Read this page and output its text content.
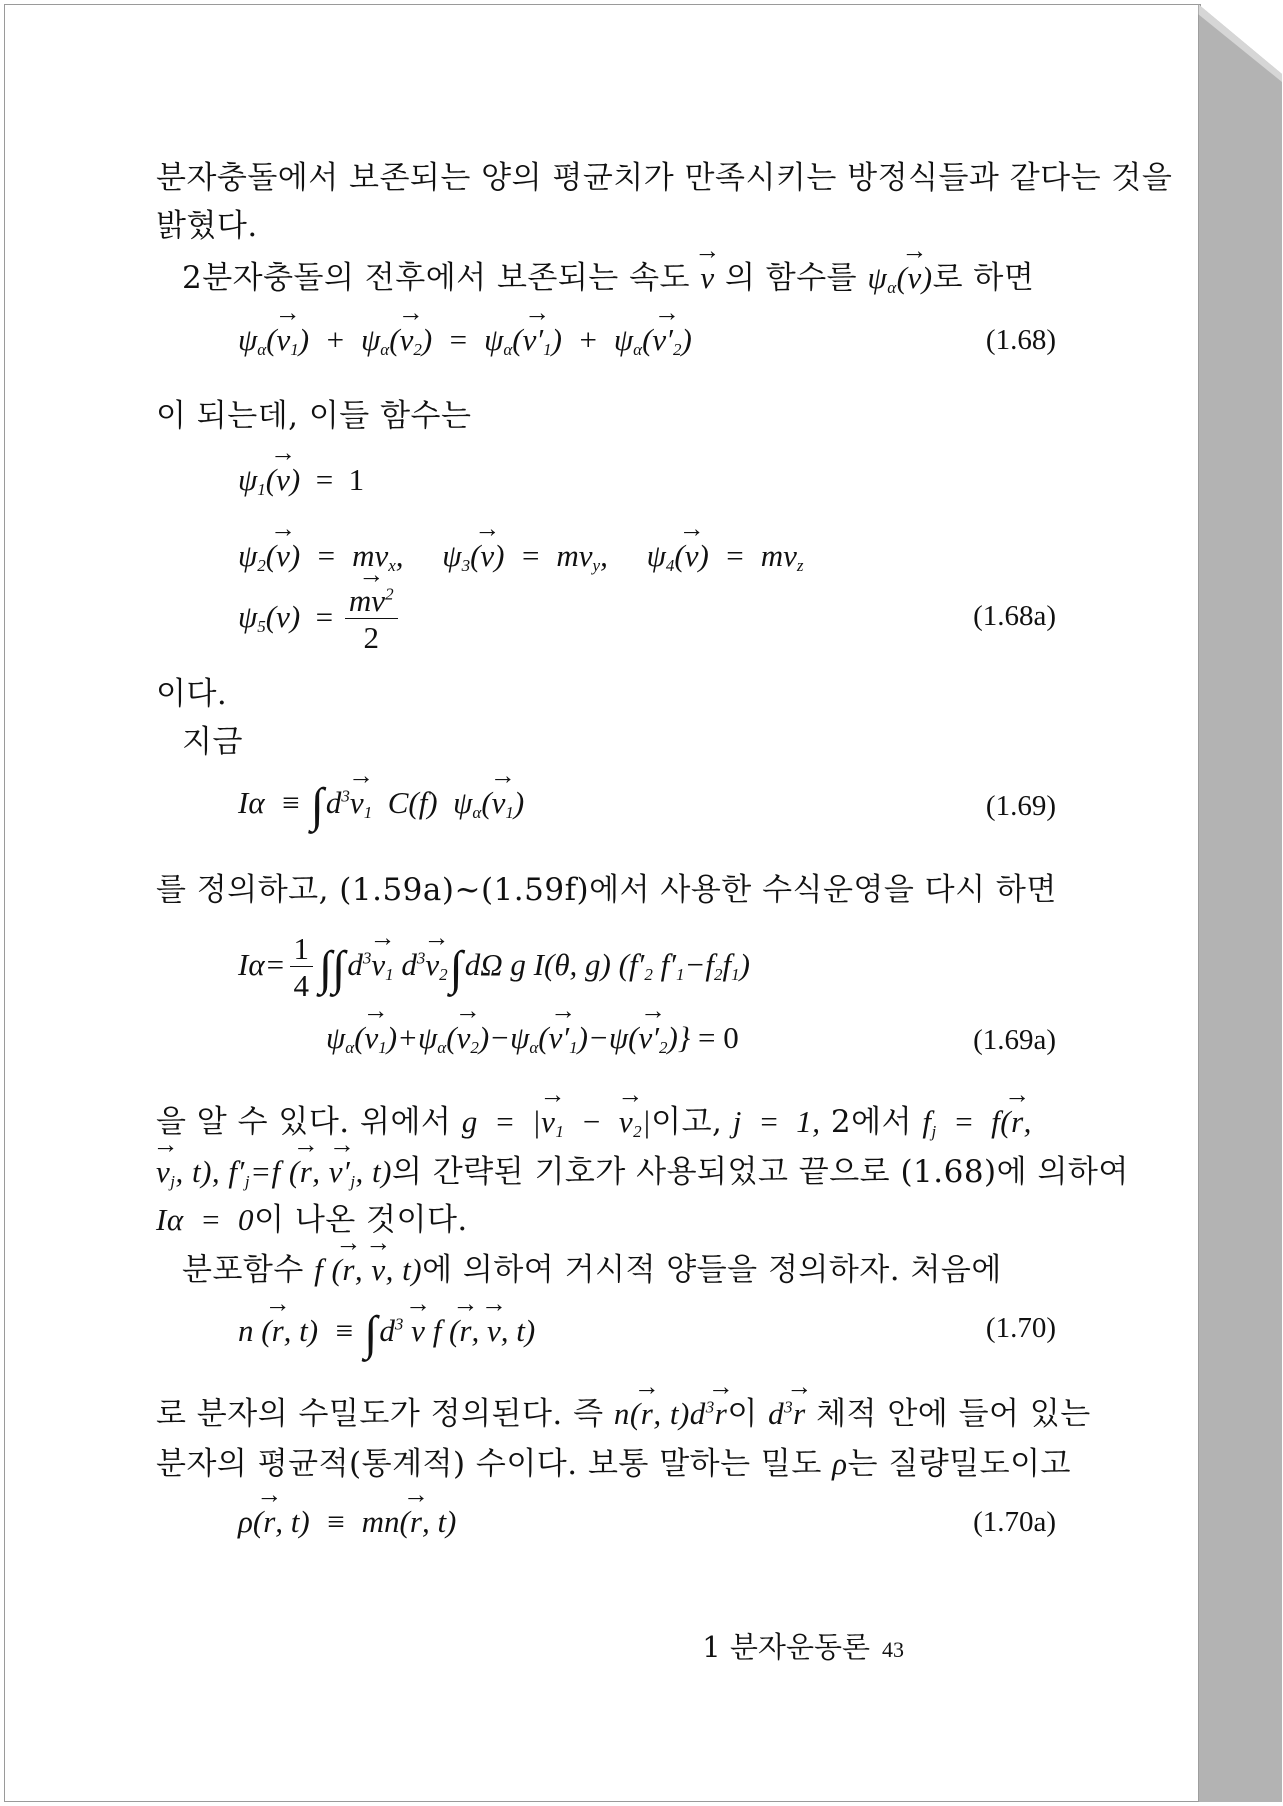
분자충돌에서 보존되는 양의 평균치가 만족시키는 방정식들과 같다는 것을
밝혔다.
2분자충돌의 전후에서 보존되는 속도 → v 의 함수를 $\psi_\alpha(\to v)$로 하면
$\psi_\alpha(\to v_1) + \psi_\alpha(\to v_2) = \psi_\alpha(\to v'_1) + \psi_\alpha(\to v'_2)$	(1.68)
이 되는데, 이들 함수는
$\psi_1(\to v) = 1$
$\psi_2(\to v) = mv_x$,     $\psi_3(\to v) = mv_y$,     $\psi_4(\to v) = mv_z$
$\psi_5(v)$  = → $\frac{mv^2}{2}$	(1.68a)
이다.
지금
$I\alpha \equiv \int d^3\to v_1$  C(f)  $\psi_\alpha(\to v_1)$	(1.69)
를 정의하고, (1.59a)~(1.59f)에서 사용한 수식운영을 다시 하면
$I\alpha= \frac{1}{4} \int\int d^3\to v_1$ $d^3\to v_2\int d\Omega$ g I(θ, g) ($f'_2$ $f'_1-f_2f_1$)
$\psi_\alpha(\to v_1)+\psi_\alpha(\to v_2)-\psi_\alpha(\to v'_1)-\psi(\to v'_2)\} = 0$	(1.69a)
을 알 수 있다. 위에서 g  =  |→ $v_1$  −  → $v_2|$이고, j  =  1, 2에서 $f_j = f(\to r$,
→ $v_j$, t), $f'_j=f$ (→ r, → $v'_j$, t)의 간략된 기호가 사용되었고 끝으로 (1.68)에 의하여
Iα  =  0이 나온 것이다.
분포함수 f (→ r, → v, t)에 의하여 거시적 양들을 정의하자. 처음에
n (→ r, $t) \equiv \int d^3 \to v$ f (→ r, → v, t)	(1.70)
로 분자의 수밀도가 정의된다. 즉 n(→ r, $t)d^3\to r$이 $d^3\to r$ 체적 안에 들어 있는
분자의 평균적(통계적) 수이다. 보통 말하는 밀도 ρ는 질량밀도이고
ρ(→ r, t)  ≡  mn(→ r, t)	(1.70a)
1 분자운동론 43
